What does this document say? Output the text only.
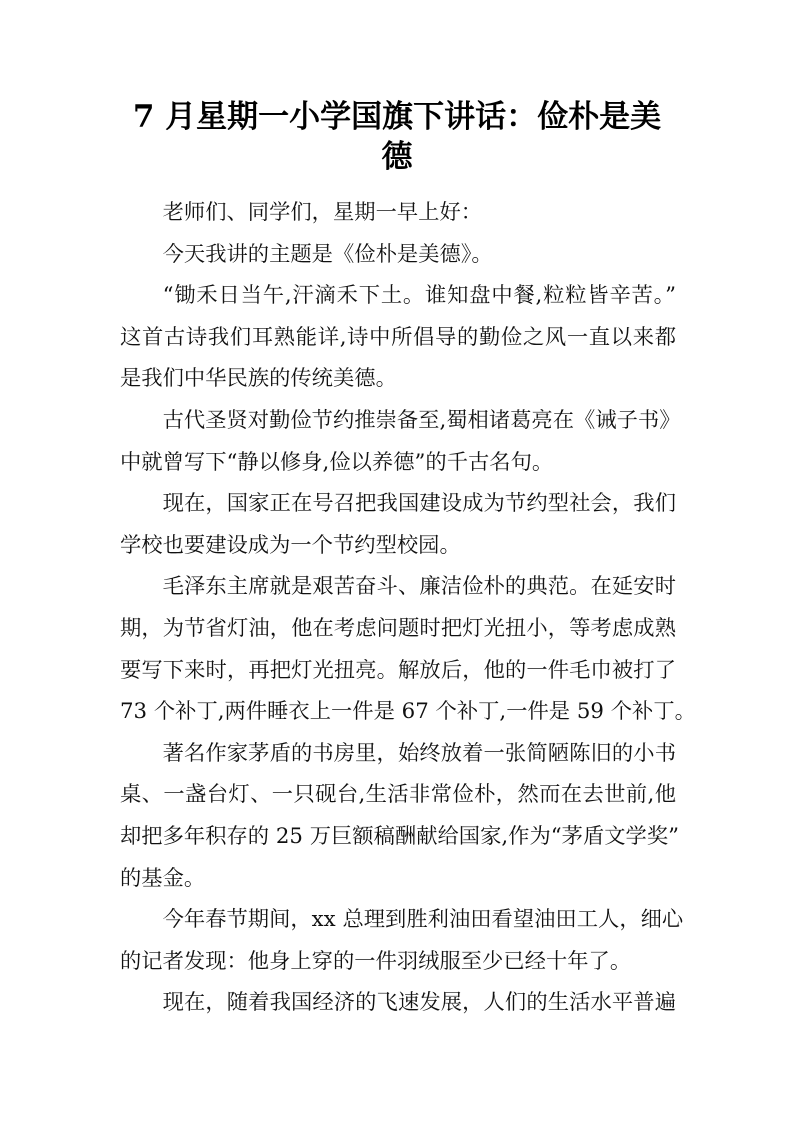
7 月星期一小学国旗下讲话：俭朴是美
德
老师们、同学们，星期一早上好：
今天我讲的主题是《俭朴是美德》。
“锄禾日当午,汗滴禾下土。谁知盘中餐,粒粒皆辛苦。”
这首古诗我们耳熟能详,诗中所倡导的勤俭之风一直以来都
是我们中华民族的传统美德。
古代圣贤对勤俭节约推崇备至,蜀相诸葛亮在《诫子书》
中就曾写下“静以修身,俭以养德”的千古名句。
现在，国家正在号召把我国建设成为节约型社会，我们
学校也要建设成为一个节约型校园。
毛泽东主席就是艰苦奋斗、廉洁俭朴的典范。在延安时
期，为节省灯油，他在考虑问题时把灯光扭小，等考虑成熟
要写下来时，再把灯光扭亮。解放后，他的一件毛巾被打了
73 个补丁,两件睡衣上一件是 67 个补丁,一件是 59 个补丁。
著名作家茅盾的书房里，始终放着一张简陋陈旧的小书
桌、一盏台灯、一只砚台,生活非常俭朴，然而在去世前,他
却把多年积存的 25 万巨额稿酬献给国家,作为“茅盾文学奖”
的基金。
今年春节期间，xx 总理到胜利油田看望油田工人，细心
的记者发现：他身上穿的一件羽绒服至少已经十年了。
现在，随着我国经济的飞速发展，人们的生活水平普遍
